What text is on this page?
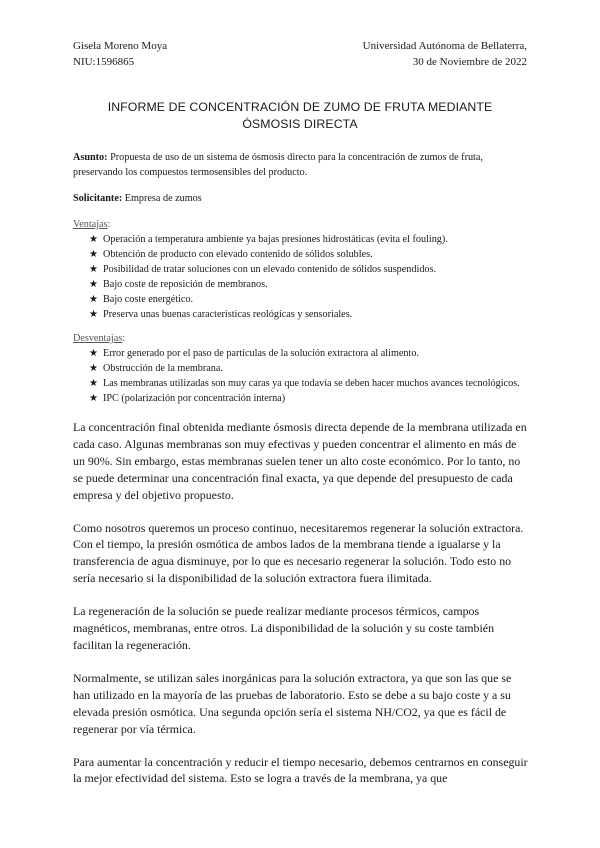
Gisela Moreno Moya
NIU:1596865
Universidad Autónoma de Bellaterra,
30 de Noviembre de 2022
INFORME DE CONCENTRACIÓN DE ZUMO DE FRUTA MEDIANTE
ÓSMOSIS DIRECTA

Asunto: Propuesta de uso de un sistema de ósmosis directo para la concentración de zumos de fruta, preservando los compuestos termosensibles del producto.

Solicitante: Empresa de zumos

Ventajas:

★ Operación a temperatura ambiente ya bajas presiones hidrostáticas (evita el fouling).
★ Obtención de producto con elevado contenido de sólidos solubles.
★ Posibilidad de tratar soluciones con un elevado contenido de sólidos suspendidos.
★ Bajo coste de reposición de membranos.
★ Bajo coste energético.
★ Preserva unas buenas características reológicas y sensoriales.

Desventajas:

★ Error generado por el paso de partículas de la solución extractora al alimento.
★ Obstrucción de la membrana.
★ Las membranas utilizadas son muy caras ya que todavía se deben hacer muchos avances tecnológicos.
★ IPC (polarización por concentración interna)

La concentración final obtenida mediante ósmosis directa depende de la membrana utilizada en cada caso. Algunas membranas son muy efectivas y pueden concentrar el alimento en más de un 90%. Sin embargo, estas membranas suelen tener un alto coste económico. Por lo tanto, no se puede determinar una concentración final exacta, ya que depende del presupuesto de cada empresa y del objetivo propuesto.

Como nosotros queremos un proceso continuo, necesitaremos regenerar la solución extractora. Con el tiempo, la presión osmótica de ambos lados de la membrana tiende a igualarse y la transferencia de agua disminuye, por lo que es necesario regenerar la solución. Todo esto no sería necesario si la disponibilidad de la solución extractora fuera ilimitada.

La regeneración de la solución se puede realizar mediante procesos térmicos, campos magnéticos, membranas, entre otros. La disponibilidad de la solución y su coste también facilitan la regeneración.

Normalmente, se utilizan sales inorgánicas para la solución extractora, ya que son las que se han utilizado en la mayoría de las pruebas de laboratorio. Esto se debe a su bajo coste y a su elevada presión osmótica. Una segunda opción sería el sistema NH/CO2, ya que es fácil de regenerar por vía térmica.

Para aumentar la concentración y reducir el tiempo necesario, debemos centrarnos en conseguir la mejor efectividad del sistema. Esto se logra a través de la membrana, ya que
